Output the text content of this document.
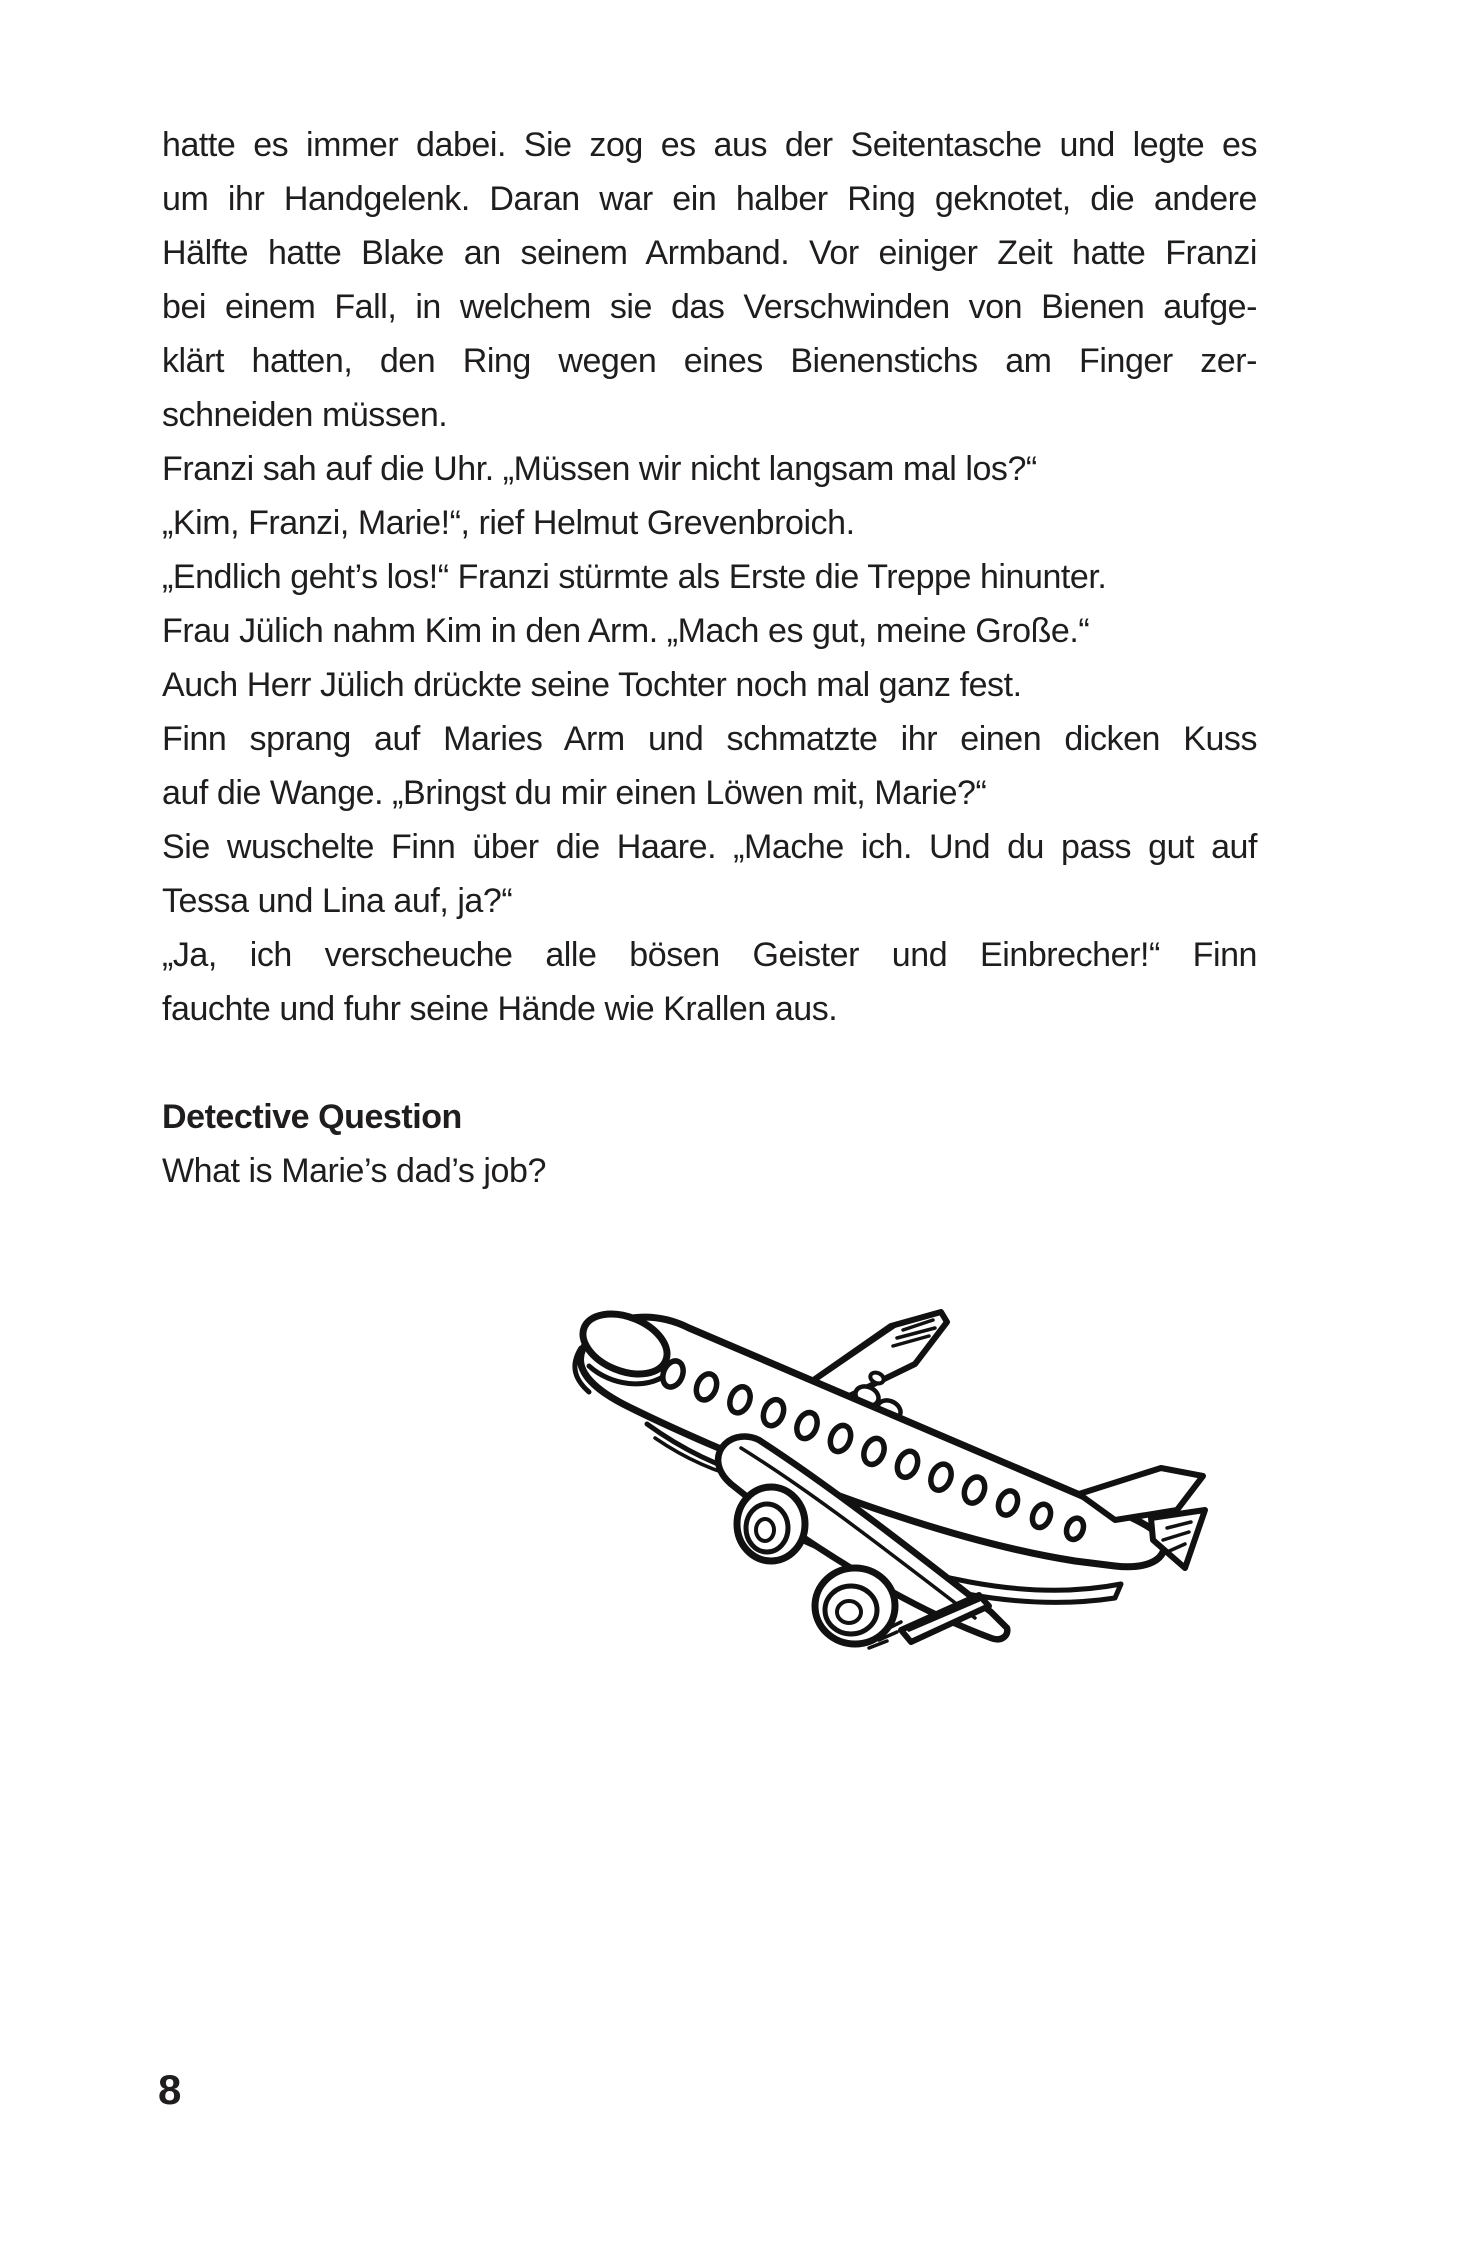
hatte es immer dabei. Sie zog es aus der Seitentasche und legte es
um ihr Handgelenk. Daran war ein halber Ring geknotet, die andere
Hälfte hatte Blake an seinem Armband. Vor einiger Zeit hatte Franzi
bei einem Fall, in welchem sie das Verschwinden von Bienen aufge-
klärt hatten, den Ring wegen eines Bienenstichs am Finger zer-
schneiden müssen.
Franzi sah auf die Uhr. „Müssen wir nicht langsam mal los?“
„Kim, Franzi, Marie!“, rief Helmut Grevenbroich.
„Endlich geht’s los!“ Franzi stürmte als Erste die Treppe hinunter.
Frau Jülich nahm Kim in den Arm. „Mach es gut, meine Große.“
Auch Herr Jülich drückte seine Tochter noch mal ganz fest.
Finn sprang auf Maries Arm und schmatzte ihr einen dicken Kuss
auf die Wange. „Bringst du mir einen Löwen mit, Marie?“
Sie wuschelte Finn über die Haare. „Mache ich. Und du pass gut auf
Tessa und Lina auf, ja?“
„Ja, ich verscheuche alle bösen Geister und Einbrecher!“ Finn
fauchte und fuhr seine Hände wie Krallen aus.
Detective Question
What is Marie’s dad’s job?
8
